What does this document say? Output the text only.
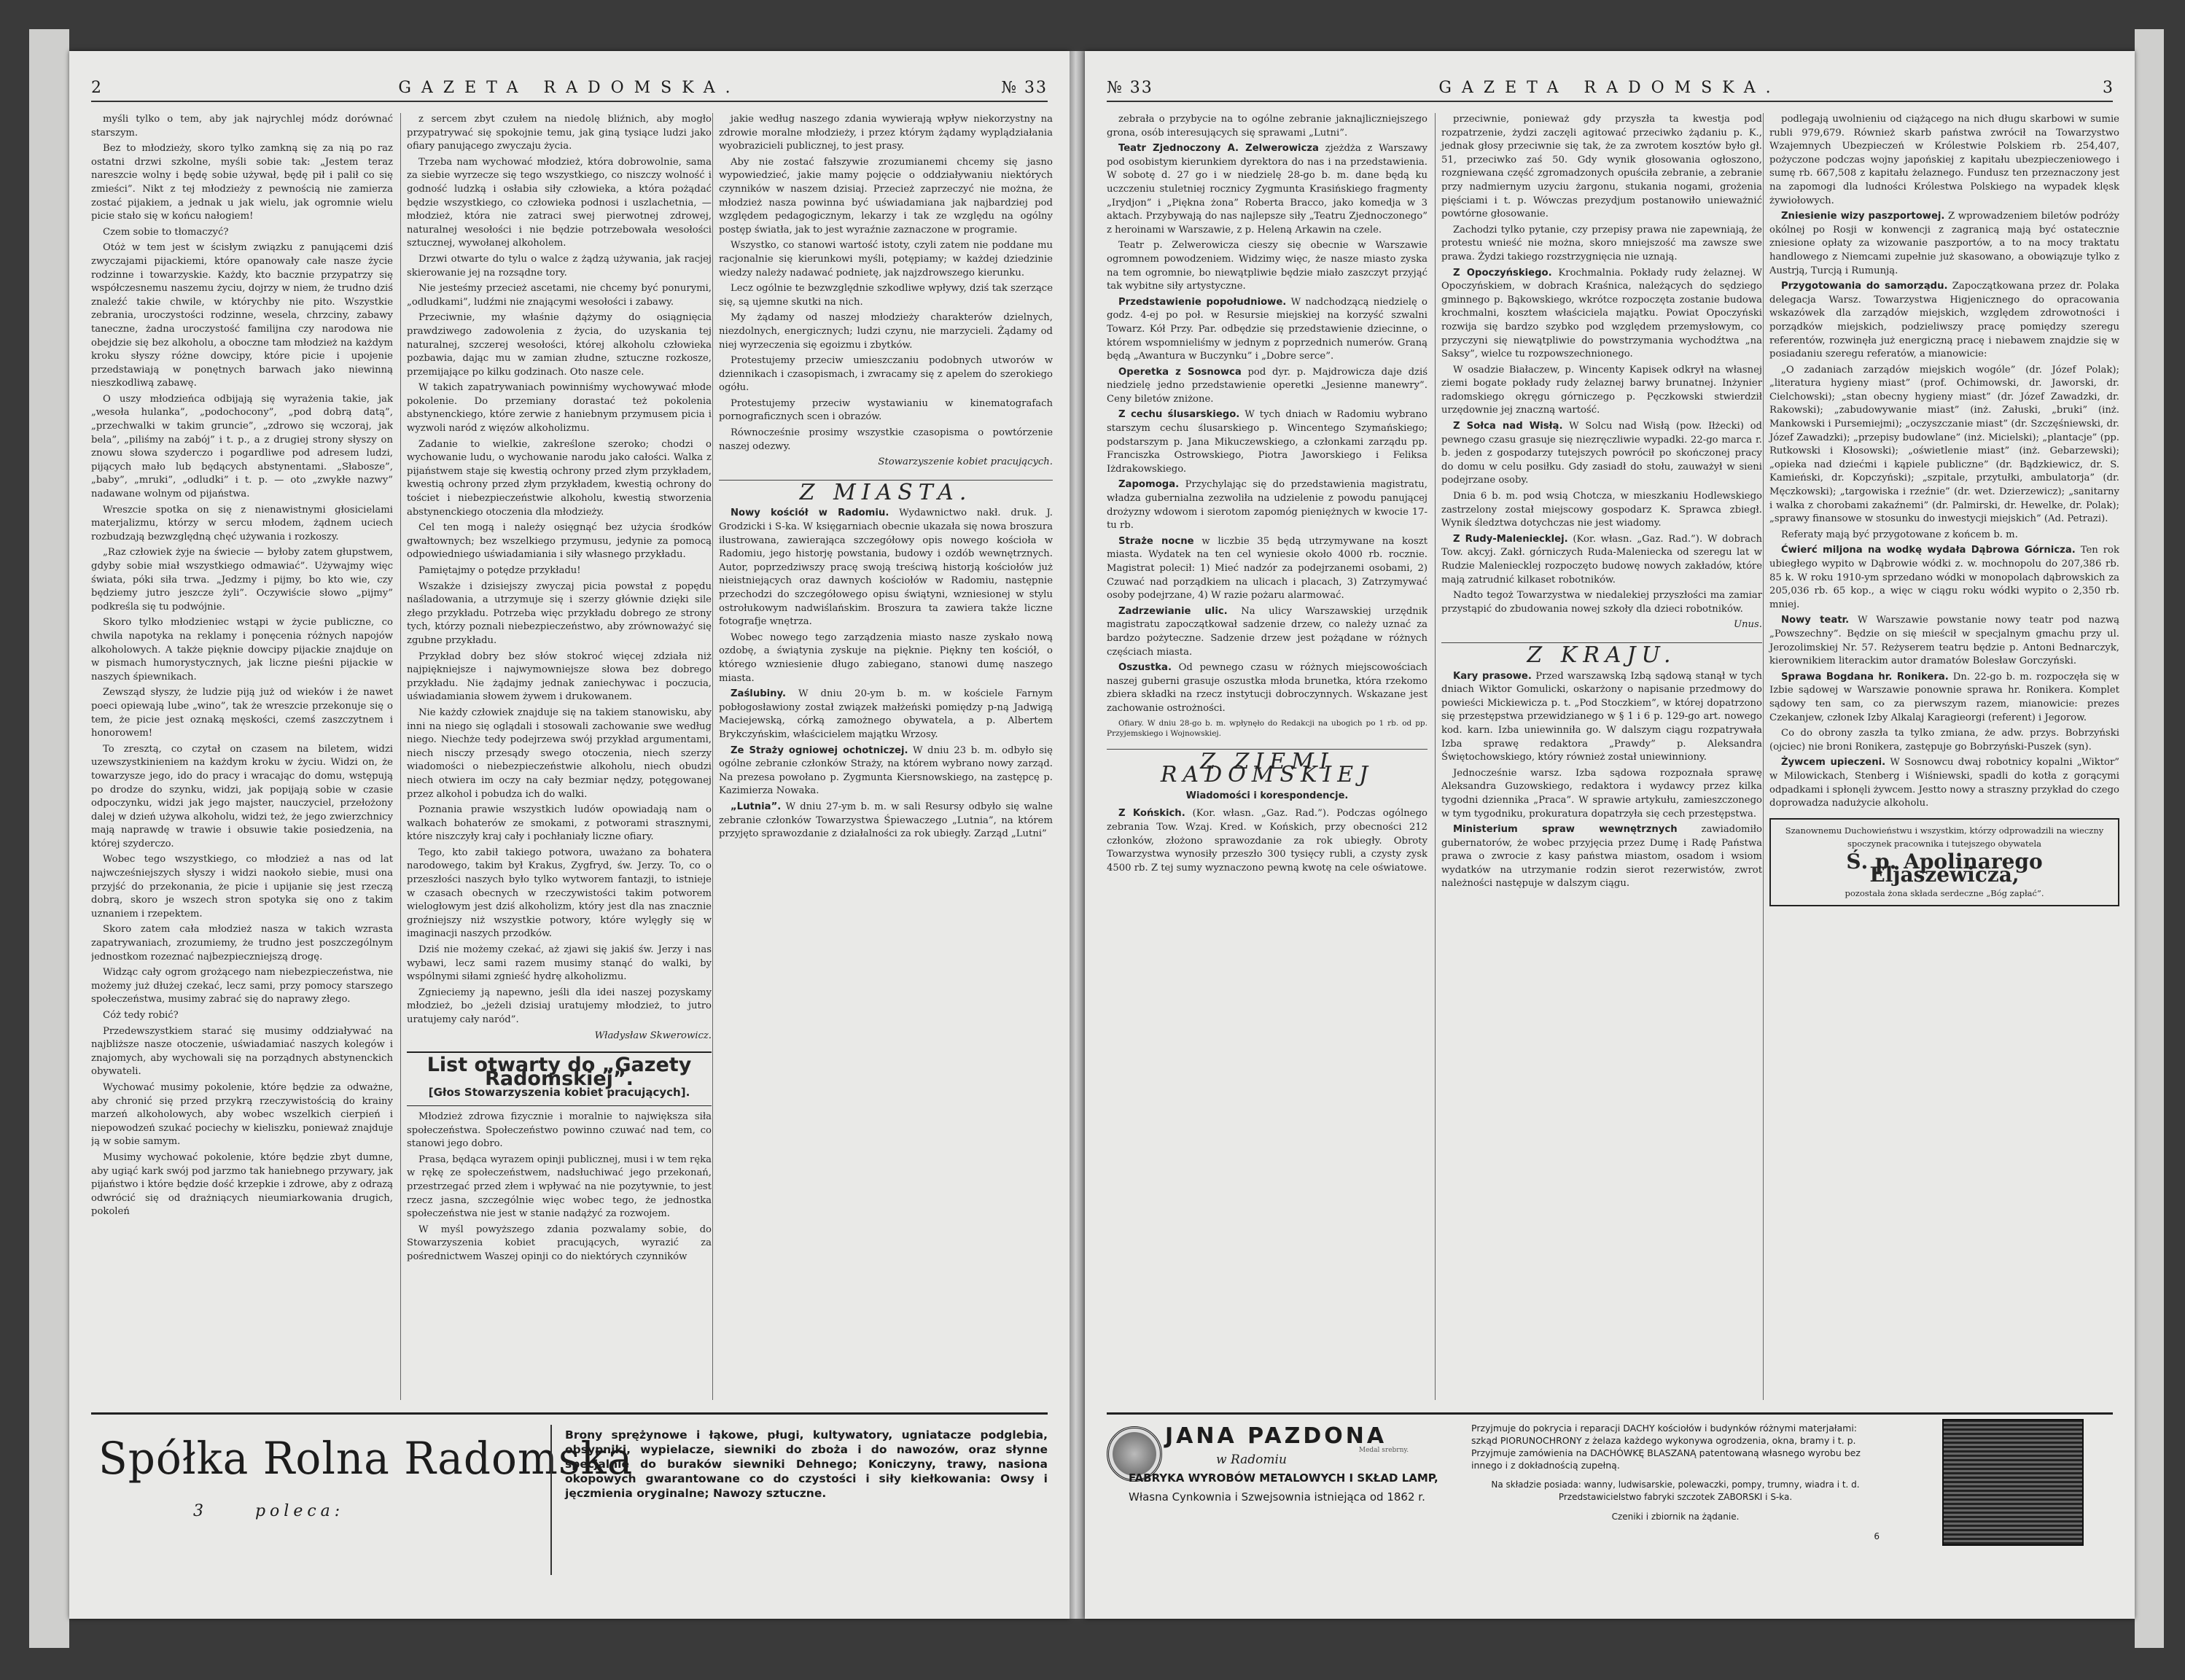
2	GAZETA RADOMSKA.	№ 33

myśli tylko o tem, aby jak najrychlej módz dorównać starszym.

Bez to młodzieży, skoro tylko zamkną się za nią po raz ostatni drzwi szkolne, myśli sobie tak: „Jestem teraz nareszcie wolny i będę sobie używał, będę pił i palił co się zmieści”. Nikt z tej młodzieży z pewnością nie zamierza zostać pijakiem, a jednak u jak wielu, jak ogromnie wielu picie stało się w końcu nałogiem!

Czem sobie to tłomaczyć?

Otóż w tem jest w ścisłym związku z panującemi dziś zwyczajami pijackiemi, które opanowały całe nasze życie rodzinne i towarzyskie. Każdy, kto bacznie przypatrzy się współczesnemu naszemu życiu, dojrzy w niem, że trudno dziś znaleźć takie chwile, w którychby nie pito. Wszystkie zebrania, uroczystości rodzinne, wesela, chrzciny, zabawy taneczne, żadna uroczystość familijna czy narodowa nie obejdzie się bez alkoholu, a oboczne tam młodzież na każdym kroku słyszy różne dowcipy, które picie i upojenie przedstawiają w ponętnych barwach jako niewinną nieszkodliwą zabawę.

O uszy młodzieńca odbijają się wyrażenia takie, jak „wesoła hulanka”, „podochocony”, „pod dobrą datą”, „przechwalki w takim gruncie”, „zdrowo się wczoraj, jak bela”, „piliśmy na zabój” i t. p., a z drugiej strony słyszy on znowu słowa szyderczo i pogardliwe pod adresem ludzi, pijących mało lub będących abstynentami. „Słabosze”, „baby”, „mruki”, „odludki” i t. p. — oto „zwykłe nazwy” nadawane wolnym od pijaństwa.

Wreszcie spotka on się z nienawistnymi głosicielami materjalizmu, którzy w sercu młodem, żądnem uciech rozbudzają bezwzględną chęć używania i rozkoszy.

„Raz człowiek żyje na świecie — byłoby zatem głupstwem, gdyby sobie miał wszystkiego odmawiać”. Używajmy więc świata, póki siła trwa. „Jedzmy i pijmy, bo kto wie, czy będziemy jutro jeszcze żyli”. Oczywiście słowo „pijmy” podkreśla się tu podwójnie.

Skoro tylko młodzieniec wstąpi w życie publiczne, co chwila napotyka na reklamy i ponęcenia różnych napojów alkoholowych. A także pięknie dowcipy pijackie znajduje on w pismach humorystycznych, jak liczne pieśni pijackie w naszych śpiewnikach.

Zewsząd słyszy, że ludzie piją już od wieków i że nawet poeci opiewają lube „wino”, tak że wreszcie przekonuje się o tem, że picie jest oznaką męskości, czemś zaszczytnem i honorowem!

To zresztą, co czytał on czasem na biletem, widzi uzewszystkinieniem na każdym kroku w życiu. Widzi on, że towarzysze jego, ido do pracy i wracając do domu, wstępują po drodze do szynku, widzi, jak popijają sobie w czasie odpoczynku, widzi jak jego majster, nauczyciel, przełożony dalej w dzień używa alkoholu, widzi też, że jego zwierzchnicy mają naprawdę w trawie i obsuwie takie posiedzenia, na której szyderczo.

Wobec tego wszystkiego, co młodzież a nas od lat najwcześniejszych słyszy i widzi naokoło siebie, musi ona przyjść do przekonania, że picie i upijanie się jest rzeczą dobrą, skoro je wszech stron spotyka się ono z takim uznaniem i rzepektem.

Skoro zatem cała młodzież nasza w takich wzrasta zapatrywaniach, zrozumiemy, że trudno jest poszczególnym jednostkom rozeznać najbezpieczniejszą drogę.

Widząc cały ogrom grożącego nam niebezpieczeństwa, nie możemy już dłużej czekać, lecz sami, przy pomocy starszego społeczeństwa, musimy zabrać się do naprawy złego.

Cóż tedy robić?

Przedewszystkiem starać się musimy oddziaływać na najbliższe nasze otoczenie, uświadamiać naszych kolegów i znajomych, aby wychowali się na porządnych abstynenckich obywateli.

Wychować musimy pokolenie, które będzie za odważne, aby chronić się przed przykrą rzeczywistością do krainy marzeń alkoholowych, aby wobec wszelkich cierpień i niepowodzeń szukać pociechy w kieliszku, ponieważ znajduje ją w sobie samym.

Musimy wychować pokolenie, które będzie zbyt dumne, aby ugiąć kark swój pod jarzmo tak haniebnego przywary, jak pijaństwo i które będzie dość krzepkie i zdrowe, aby z odrazą odwrócić się od drażniących nieumiarkowania drugich, pokoleń

z sercem zbyt czułem na niedolę bliźnich, aby mogło przypatrywać się spokojnie temu, jak giną tysiące ludzi jako ofiary panującego zwyczaju życia.

Trzeba nam wychować młodzież, która dobrowolnie, sama za siebie wyrzecze się tego wszystkiego, co niszczy wolność i godność ludzką i osłabia siły człowieka, a która pożądać będzie wszystkiego, co człowieka podnosi i uszlachetnia, — młodzież, która nie zatraci swej pierwotnej zdrowej, naturalnej wesołości i nie będzie potrzebowała wesołości sztucznej, wywołanej alkoholem.

Drzwi otwarte do tylu o walce z żądzą używania, jak racjej skierowanie jej na rozsądne tory.

Nie jesteśmy przecież ascetami, nie chcemy być ponurymi, „odludkami”, ludźmi nie znającymi wesołości i zabawy.

Przeciwnie, my właśnie dążymy do osiągnięcia prawdziwego zadowolenia z życia, do uzyskania tej naturalnej, szczerej wesołości, której alkoholu człowieka pozbawia, dając mu w zamian złudne, sztuczne rozkosze, przemijające po kilku godzinach. Oto nasze cele.

W takich zapatrywaniach powinniśmy wychowywać młode pokolenie. Do przemiany dorastać też pokolenia abstynenckiego, które zerwie z haniebnym przymusem picia i wyzwoli naród z więzów alkoholizmu.

Zadanie to wielkie, zakreślone szeroko; chodzi o wychowanie ludu, o wychowanie narodu jako całości. Walka z pijaństwem staje się kwestią ochrony przed złym przykładem, kwestią ochrony przed złym przykładem, kwestią ochrony do tościet i niebezpieczeństwie alkoholu, kwestią stworzenia abstynenckiego otoczenia dla młodzieży.

Cel ten mogą i należy osięgnąć bez użycia środków gwałtownych; bez wszelkiego przymusu, jedynie za pomocą odpowiedniego uświadamiania i siły własnego przykładu.

Pamiętajmy o potędze przykładu!

Wszakże i dzisiejszy zwyczaj picia powstał z popędu naśladowania, a utrzymuje się i szerzy głównie dzięki sile złego przykładu. Potrzeba więc przykładu dobrego ze strony tych, którzy poznali niebezpieczeństwo, aby zrównoważyć się zgubne przykładu.

Przykład dobry bez słów stokroć więcej zdziała niż najpiękniejsze i najwymowniejsze słowa bez dobrego przykładu. Nie żądajmy jednak zaniechywac i poczucia, uświadamiania słowem żywem i drukowanem.

Nie każdy człowiek znajduje się na takiem stanowisku, aby inni na niego się oglądali i stosowali zachowanie swe według niego. Niechże tedy podejrzewa swój przykład argumentami, niech nisczy przesądy swego otoczenia, niech szerzy wiadomości o niebezpieczeństwie alkoholu, niech obudzi niech otwiera im oczy na cały bezmiar nędzy, potęgowanej przez alkohol i pobudza ich do walki.

Poznania prawie wszystkich ludów opowiadają nam o walkach bohaterów ze smokami, z potworami strasznymi, które niszczyły kraj cały i pochłaniały liczne ofiary.

Tego, kto zabił takiego potwora, uważano za bohatera narodowego, takim był Krakus, Zygfryd, św. Jerzy. To, co o przeszłości naszych było tylko wytworem fantazji, to istnieje w czasach obecnych w rzeczywistości takim potworem wielogłowym jest dziś alkoholizm, który jest dla nas znacznie groźniejszy niż wszystkie potwory, które wylęgły się w imaginacji naszych przodków.

Dziś nie możemy czekać, aż zjawi się jakiś św. Jerzy i nas wybawi, lecz sami razem musimy stanąć do walki, by wspólnymi siłami zgnieść hydrę alkoholizmu.

Zgnieciemy ją napewno, jeśli dla idei naszej pozyskamy młodzież, bo „jeżeli dzisiaj uratujemy młodzież, to jutro uratujemy cały naród”.

Władysław Skwerowicz.

List otwarty do „Gazety Radomskiej”.
[Głos Stowarzyszenia kobiet pracujących].

Młodzież zdrowa fizycznie i moralnie to największa siła społeczeństwa. Społeczeństwo powinno czuwać nad tem, co stanowi jego dobro.

Prasa, będąca wyrazem opinji publicznej, musi i w tem ręka w rękę ze społeczeństwem, nadsłuchiwać jego przekonań, przestrzegać przed złem i wpływać na nie pozytywnie, to jest rzecz jasna, szczególnie więc wobec tego, że jednostka społeczeństwa nie jest w stanie nadążyć za rozwojem.

W myśl powyższego zdania pozwalamy sobie, do Stowarzyszenia kobiet pracujących, wyrazić za pośrednictwem Waszej opinji co do niektórych czynników

jakie według naszego zdania wywierają wpływ niekorzystny na zdrowie moralne młodzieży, i przez którym żądamy wyplądziałania wyobrazicieli publicznej, to jest prasy.

Aby nie zostać fałszywie zrozumianemi chcemy się jasno wypowiedzieć, jakie mamy pojęcie o oddziaływaniu niektórych czynników w naszem dzisiaj. Przecież zaprzeczyć nie można, że młodzież nasza powinna być uświadamiana jak najbardziej pod względem pedagogicznym, lekarzy i tak ze względu na ogólny postęp światła, jak to jest wyraźnie zaznaczone w programie.

Wszystko, co stanowi wartość istoty, czyli zatem nie poddane mu racjonalnie się kierunkowi myśli, potępiamy; w każdej dziedzinie wiedzy należy nadawać podnietę, jak najzdrowszego kierunku.

Lecz ogólnie te bezwzględnie szkodliwe wpływy, dziś tak szerzące się, są ujemne skutki na nich.

My żądamy od naszej młodzieży charakterów dzielnych, niezdolnych, energicznych; ludzi czynu, nie marzycieli. Żądamy od niej wyrzeczenia się egoizmu i zbytków.

Protestujemy przeciw umieszczaniu podobnych utworów w dziennikach i czasopismach, i zwracamy się z apelem do szerokiego ogółu.

Protestujemy przeciw wystawianiu w kinematografach pornograficznych scen i obrazów.

Równocześnie prosimy wszystkie czasopisma o powtórzenie naszej odezwy.

Stowarzyszenie kobiet pracujących.

Z MIASTA.

Nowy kościół w Radomiu. Wydawnictwo nakł. druk. J. Grodzicki i S-ka. W księgarniach obecnie ukazała się nowa broszura ilustrowana, zawierająca szczegółowy opis nowego kościoła w Radomiu, jego historję powstania, budowy i ozdób wewnętrznych. Autor, poprzedziwszy pracę swoją treściwą historją kościołów już nieistniejących oraz dawnych kościołów w Radomiu, następnie przechodzi do szczegółowego opisu świątyni, wzniesionej w stylu ostrołukowym nadwiślańskim. Broszura ta zawiera także liczne fotografje wnętrza.

Wobec nowego tego zarządzenia miasto nasze zyskało nową ozdobę, a świątynia zyskuje na pięknie. Piękny ten kościół, o którego wzniesienie długo zabiegano, stanowi dumę naszego miasta.

Zaślubiny. W dniu 20-ym b. m. w kościele Farnym pobłogosławiony został związek małżeński pomiędzy p-ną Jadwigą Maciejewską, córką zamożnego obywatela, a p. Albertem Brykczyńskim, właścicielem majątku Wrzosy.

Ze Straży ogniowej ochotniczej. W dniu 23 b. m. odbyło się ogólne zebranie członków Straży, na którem wybrano nowy zarząd. Na prezesa powołano p. Zygmunta Kiersnowskiego, na zastępcę p. Kazimierza Nowaka.

„Lutnia”. W dniu 27-ym b. m. w sali Resursy odbyło się walne zebranie członków Towarzystwa Śpiewaczego „Lutnia”, na którem przyjęto sprawozdanie z działalności za rok ubiegły. Zarząd „Lutni”

Spółka Rolna Radomska
3	poleca:
Brony sprężynowe i łąkowe, pługi, kultywatory, ugniatacze podglebia, obsypniki, wypielacze, siewniki do zboża i do nawozów, oraz słynne specjalnie do buraków siewniki Dehnego; Koniczyny, trawy, nasiona okopowych gwarantowane co do czystości i siły kiełkowania: Owsy i jęczmienia oryginalne; Nawozy sztuczne.
№ 33	GAZETA RADOMSKA.	3

zebrała o przybycie na to ogólne zebranie jaknajliczniejszego grona, osób interesujących się sprawami „Lutni”.

Teatr Zjednoczony A. Zelwerowicza zjeżdża z Warszawy pod osobistym kierunkiem dyrektora do nas i na przedstawienia. W sobotę d. 27 go i w niedzielę 28-go b. m. dane będą ku uczczeniu stuletniej rocznicy Zygmunta Krasińskiego fragmenty „Irydjon” i „Piękna żona” Roberta Bracco, jako komedja w 3 aktach. Przybywają do nas najlepsze siły „Teatru Zjednoczonego” z heroinami w Warszawie, z p. Heleną Arkawin na czele.

Teatr p. Zelwerowicza cieszy się obecnie w Warszawie ogromnem powodzeniem. Widzimy więc, że nasze miasto zyska na tem ogromnie, bo niewątpliwie będzie miało zaszczyt przyjąć tak wybitne siły artystyczne.

Przedstawienie popołudniowe. W nadchodzącą niedzielę o godz. 4-ej po poł. w Resursie miejskiej na korzyść szwalni Towarz. Kół Przy. Par. odbędzie się przedstawienie dziecinne, o którem wspomnieliśmy w jednym z poprzednich numerów. Graną będą „Awantura w Buczynku” i „Dobre serce”.

Operetka z Sosnowca pod dyr. p. Majdrowicza daje dziś niedzielę jedno przedstawienie operetki „Jesienne manewry”. Ceny biletów zniżone.

Z cechu ślusarskiego. W tych dniach w Radomiu wybrano starszym cechu ślusarskiego p. Wincentego Szymańskiego; podstarszym p. Jana Mikuczewskiego, a członkami zarządu pp. Franciszka Ostrowskiego, Piotra Jaworskiego i Feliksa Iżdrakowskiego.

Zapomoga. Przychylając się do przedstawienia magistratu, władza gubernialna zezwoliła na udzielenie z powodu panującej drożyzny wdowom i sierotom zapomóg pieniężnych w kwocie 17-tu rb.

Straże nocne w liczbie 35 będą utrzymywane na koszt miasta. Wydatek na ten cel wyniesie około 4000 rb. rocznie. Magistrat polecił: 1) Mieć nadzór za podejrzanemi osobami, 2) Czuwać nad porządkiem na ulicach i placach, 3) Zatrzymywać osoby podejrzane, 4) W razie pożaru alarmować.

Zadrzewianie ulic. Na ulicy Warszawskiej urzędnik magistratu zapoczątkował sadzenie drzew, co należy uznać za bardzo pożyteczne. Sadzenie drzew jest pożądane w różnych częściach miasta.

Oszustka. Od pewnego czasu w różnych miejscowościach naszej guberni grasuje oszustka młoda brunetka, która rzekomo zbiera składki na rzecz instytucji dobroczynnych. Wskazane jest zachowanie ostrożności.

Ofiary. W dniu 28-go b. m. wpłynęło do Redakcji na ubogich po 1 rb. od pp. Przyjemskiego i Wojnowskiej.

Z ZIEMI RADOMSKIEJ
Wiadomości i korespondencje.

Z Końskich. (Kor. własn. „Gaz. Rad.”). Podczas ogólnego zebrania Tow. Wzaj. Kred. w Końskich, przy obecności 212 członków, złożono sprawozdanie za rok ubiegły. Obroty Towarzystwa wynosiły przeszło 300 tysięcy rubli, a czysty zysk 4500 rb. Z tej sumy wyznaczono pewną kwotę na cele oświatowe.

przeciwnie, ponieważ gdy przyszła ta kwestja pod rozpatrzenie, żydzi zaczęli agitować przeciwko żądaniu p. K., jednak głosy przeciwnie się tak, że za zwrotem kosztów było gł. 51, przeciwko zaś 50. Gdy wynik głosowania ogłoszono, rozgniewana część zgromadzonych opuściła zebranie, a zebranie przy nadmiernym uzyciu żargonu, stukania nogami, grożenia pięściami i t. p. Wówczas prezydjum postanowiło unieważnić powtórne głosowanie.

Zachodzi tylko pytanie, czy przepisy prawa nie zapewniają, że protestu wnieść nie można, skoro mniejszość ma zawsze swe prawa. Żydzi takiego rozstrzygnięcia nie uznają.

Z Opoczyńskiego. Krochmalnia. Pokłady rudy żelaznej. W Opoczyńskiem, w dobrach Kraśnica, należących do sędziego gminnego p. Bąkowskiego, wkrótce rozpoczęta zostanie budowa krochmalni, kosztem właściciela majątku. Powiat Opoczyński rozwija się bardzo szybko pod względem przemysłowym, co przyczyni się niewątpliwie do powstrzymania wychodźtwa „na Saksy”, wielce tu rozpowszechnionego.

W osadzie Białaczew, p. Wincenty Kapisek odkrył na własnej ziemi bogate pokłady rudy żelaznej barwy brunatnej. Inżynier radomskiego okręgu górniczego p. Pęczkowski stwierdził urzędownie jej znaczną wartość.

Z Sołca nad Wisłą. W Solcu nad Wisłą (pow. Iłżecki) od pewnego czasu grasuje się niezręczliwie wypadki. 22-go marca r. b. jeden z gospodarzy tutejszych powrócił po skończonej pracy do domu w celu posiłku. Gdy zasiadł do stołu, zauważył w sieni podejrzane osoby.

Dnia 6 b. m. pod wsią Chotcza, w mieszkaniu Hodlewskiego zastrzelony został miejscowy gospodarz K. Sprawca zbiegł. Wynik śledztwa dotychczas nie jest wiadomy.

Z Rudy-Maleniecklej. (Kor. własn. „Gaz. Rad.”). W dobrach Tow. akcyj. Zakł. górniczych Ruda-Maleniecka od szeregu lat w Rudzie Maleniecklej rozpoczęto budowę nowych zakładów, które mają zatrudnić kilkaset robotników.

Nadto tegoż Towarzystwa w niedalekiej przyszłości ma zamiar przystąpić do zbudowania nowej szkoły dla dzieci robotników.

Unus.

Z KRAJU.

Kary prasowe. Przed warszawską Izbą sądową stanął w tych dniach Wiktor Gomulicki, oskarżony o napisanie przedmowy do powieści Mickiewicza p. t. „Pod Stoczkiem”, w której dopatrzono się przestępstwa przewidzianego w § 1 i 6 p. 129-go art. nowego kod. karn. Izba uniewinniła go. W dalszym ciągu rozpatrywała Izba sprawę redaktora „Prawdy” p. Aleksandra Świętochowskiego, który również został uniewinniony.

Jednocześnie warsz. Izba sądowa rozpoznała sprawę Aleksandra Guzowskiego, redaktora i wydawcy przez kilka tygodni dziennika „Praca”. W sprawie artykułu, zamieszczonego w tym tygodniku, prokuratura dopatrzyła się cech przestępstwa.

Ministerium spraw wewnętrznych zawiadomiło gubernatorów, że wobec przyjęcia przez Dumę i Radę Państwa prawa o zwrocie z kasy państwa miastom, osadom i wsiom wydatków na utrzymanie rodzin sierot rezerwistów, zwrot należności następuje w dalszym ciągu.

podlegają uwolnieniu od ciążącego na nich długu skarbowi w sumie rubli 979,679. Również skarb państwa zwrócił na Towarzystwo Wzajemnych Ubezpieczeń w Królestwie Polskiem rb. 254,407, pożyczone podczas wojny japońskiej z kapitału ubezpieczeniowego i sumę rb. 667,508 z kapitału żelaznego. Fundusz ten przeznaczony jest na zapomogi dla ludności Królestwa Polskiego na wypadek klęsk żywiołowych.

Zniesienie wizy paszportowej. Z wprowadzeniem biletów podróży okólnej po Rosji w konwencji z zagranicą mają być ostatecznie zniesione opłaty za wizowanie paszportów, a to na mocy traktatu handlowego z Niemcami zupełnie już skasowano, a obowiązuje tylko z Austrją, Turcją i Rumunją.

Przygotowania do samorządu. Zapoczątkowana przez dr. Polaka delegacja Warsz. Towarzystwa Higjenicznego do opracowania wskazówek dla zarządów miejskich, względem zdrowotności i porządków miejskich, podzieliwszy pracę pomiędzy szeregu referentów, rozwinęła już energiczną pracę i niebawem znajdzie się w posiadaniu szeregu referatów, a mianowicie:

„O zadaniach zarządów miejskich wogóle” (dr. Józef Polak); „literatura hygieny miast” (prof. Ochimowski, dr. Jaworski, dr. Cielchowski); „stan obecny hygieny miast” (dr. Józef Zawadzki, dr. Rakowski); „zabudowywanie miast” (inż. Załuski, „bruki” (inż. Mankowski i Pursemiejmi); „oczyszczanie miast” (dr. Szczęśniewski, dr. Józef Zawadzki); „przepisy budowlane” (inż. Micielski); „plantacje” (pp. Rutkowski i Kłosowski); „oświetlenie miast” (inż. Gebarzewski); „opieka nad dziećmi i kąpiele publiczne” (dr. Bądzkiewicz, dr. S. Kamieński, dr. Kopczyński); „szpitale, przytułki, ambulatorja” (dr. Męczkowski); „targowiska i rzeźnie” (dr. wet. Dzierzewicz); „sanitarny i walka z chorobami zakaźnemi” (dr. Palmirski, dr. Hewelke, dr. Polak); „sprawy finansowe w stosunku do inwestycji miejskich” (Ad. Petrazi).

Referaty mają być przygotowane z końcem b. m.

Ćwierć miljona na wodkę wydała Dąbrowa Górnicza. Ten rok ubiegłego wypito w Dąbrowie wódki z. w. mochnopolu do 207,386 rb. 85 k. W roku 1910-ym sprzedano wódki w monopolach dąbrowskich za 205,036 rb. 65 kop., a więc w ciągu roku wódki wypito o 2,350 rb. mniej.

Nowy teatr. W Warszawie powstanie nowy teatr pod nazwą „Powszechny”. Będzie on się mieścił w specjalnym gmachu przy ul. Jerozolimskiej Nr. 57. Reżyserem teatru będzie p. Antoni Bednarczyk, kierownikiem literackim autor dramatów Bolesław Gorczyński.

Sprawa Bogdana hr. Ronikera. Dn. 22-go b. m. rozpoczęła się w Izbie sądowej w Warszawie ponownie sprawa hr. Ronikera. Komplet sądowy ten sam, co za pierwszym razem, mianowicie: prezes Czekanjew, członek Izby Alkalaj Karagieorgi (referent) i Jegorow.

Co do obrony zaszła ta tylko zmiana, że adw. przys. Bobrzyński (ojciec) nie broni Ronikera, zastępuje go Bobrzyński-Puszek (syn).

Żywcem upieczeni. W Sosnowcu dwaj robotnicy kopalni „Wiktor” w Milowickach, Stenberg i Wiśniewski, spadli do kotła z gorącymi odpadkami i spłonęli żywcem. Jestto nowy a straszny przykład do czego doprowadza nadużycie alkoholu.

Szanownemu Duchowieństwu i wszystkim, którzy odprowadzili na wieczny spoczynek pracownika i tutejszego obywatela
Ś. p. Apolinarego Eljaszewicza,
pozostała żona składa serdeczne „Bóg zapłać”.
JANA PAZDONA
w Radomiu
Medal srebrny.
FABRYKA WYROBÓW METALOWYCH I SKŁAD LAMP,
Własna Cynkownia i Szwejsownia istniejąca od 1862 r.
Przyjmuje do pokrycia i reparacji DACHY kościołów i budynków różnymi materjałami: szkąd PIORUNOCHRONY z żelaza każdego wykonywa ogrodzenia, okna, bramy i t. p.
Przyjmuje zamówienia na DACHÓWKĘ BLASZANĄ patentowaną własnego wyrobu bez innego i z dokładnością zupełną.
Na składzie posiada: wanny, ludwisarskie, polewaczki, pompy, trumny, wiadra i t. d. Przedstawicielstwo fabryki szczotek ZABORSKI i S-ka.
Czeniki i zbiornik na żądanie.
6
